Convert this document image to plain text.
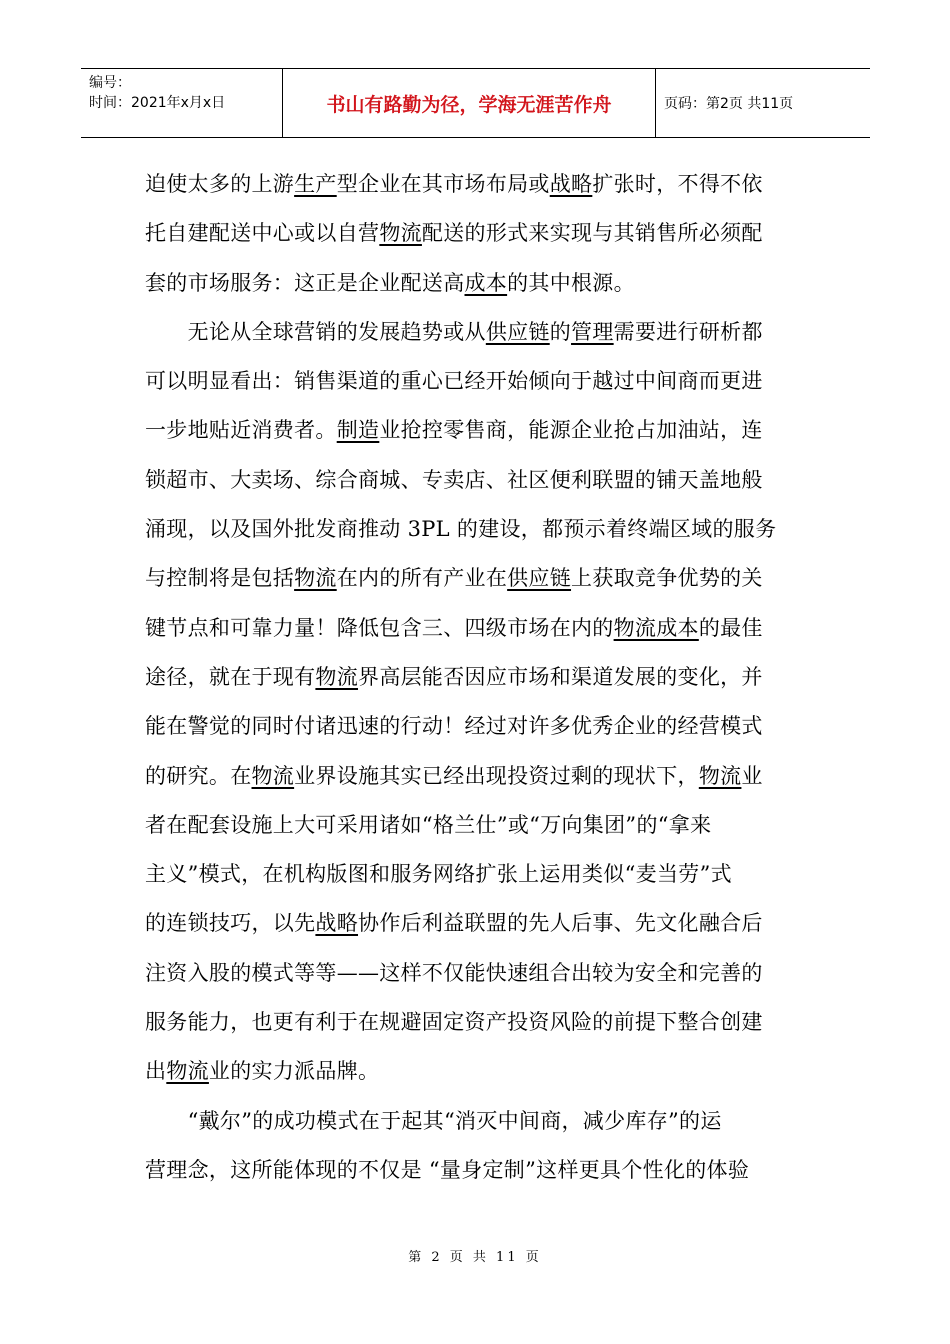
编号：
时间：2021年x月x日	书山有路勤为径，学海无涯苦作舟	页码：第2页 共11页
迫使太多的上游生产型企业在其市场布局或战略扩张时，不得不依
托自建配送中心或以自营物流配送的形式来实现与其销售所必须配
套的市场服务：这正是企业配送高成本的其中根源。
　　无论从全球营销的发展趋势或从供应链的管理需要进行研析都
可以明显看出：销售渠道的重心已经开始倾向于越过中间商而更进
一步地贴近消费者。制造业抢控零售商，能源企业抢占加油站，连
锁超市、大卖场、综合商城、专卖店、社区便利联盟的铺天盖地般
涌现，以及国外批发商推动 3PL 的建设，都预示着终端区域的服务
与控制将是包括物流在内的所有产业在供应链上获取竞争优势的关
键节点和可靠力量！降低包含三、四级市场在内的物流成本的最佳
途径，就在于现有物流界高层能否因应市场和渠道发展的变化，并
能在警觉的同时付诸迅速的行动！经过对许多优秀企业的经营模式
的研究。在物流业界设施其实已经出现投资过剩的现状下，物流业
者在配套设施上大可采用诸如“格兰仕”或“万向集团”的“拿来
主义”模式，在机构版图和服务网络扩张上运用类似“麦当劳”式
的连锁技巧，以先战略协作后利益联盟的先人后事、先文化融合后
注资入股的模式等等——这样不仅能快速组合出较为安全和完善的
服务能力，也更有利于在规避固定资产投资风险的前提下整合创建
出物流业的实力派品牌。
　　“戴尔”的成功模式在于起其“消灭中间商，减少库存”的运
营理念，这所能体现的不仅是 “量身定制”这样更具个性化的体验
第 2 页 共 11 页
